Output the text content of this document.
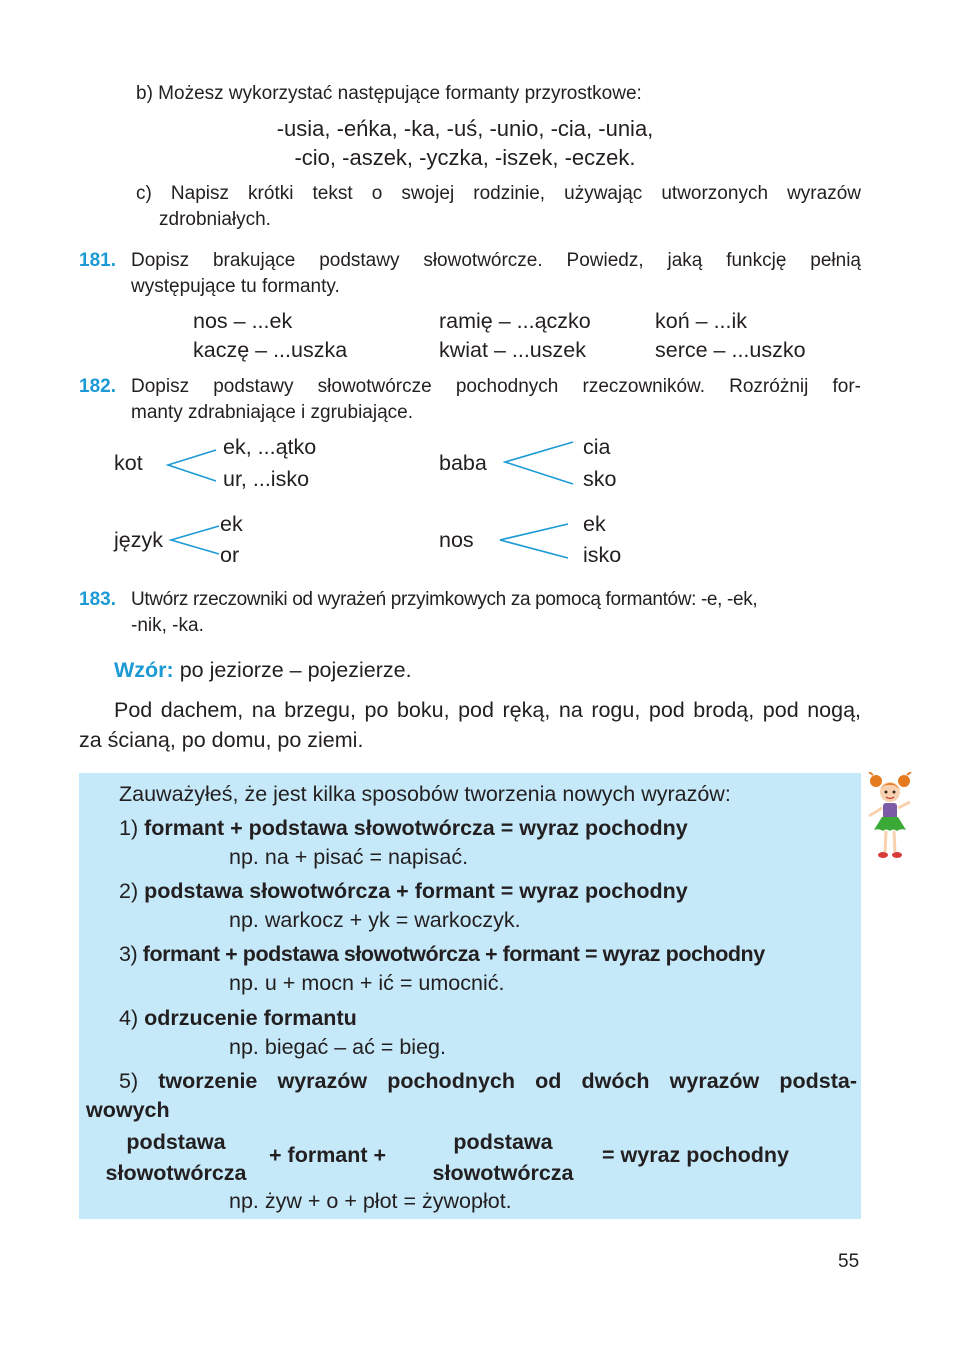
b) Możesz wykorzystać następujące formanty przyrostkowe:
-usia, -eńka, -ka, -uś, -unio, -cia, -unia,
-cio, -aszek, -yczka, -iszek, -eczek.
c) Napisz krótki tekst o swojej rodzinie, używając utworzonych wyrazów
zdrobniałych.
181. Dopisz brakujące podstawy słowotwórcze. Powiedz, jaką funkcję pełnią
występujące tu formanty.
nos – ...ek	ramię – ...ączko	koń – ...ik
kaczę – ...uszka	kwiat – ...uszek	serce – ...uszko
182. Dopisz podstawy słowotwórcze pochodnych rzeczowników. Rozróżnij for-
manty zdrabniające i zgrubiające.
kot
ek, ...ątko
ur, ...isko
baba
cia
sko
język
ek
or
nos
ek
isko
183. Utwórz rzeczowniki od wyrażeń przyimkowych za pomocą formantów: -e, -ek,
-nik, -ka.
Wzór: po jeziorze – pojezierze.
Pod dachem, na brzegu, po boku, pod ręką, na rogu, pod brodą, pod nogą,
za ścianą, po domu, po ziemi.
Zauważyłeś, że jest kilka sposobów tworzenia nowych wyrazów:
1) formant + podstawa słowotwórcza = wyraz pochodny
np. na + pisać = napisać.
2) podstawa słowotwórcza + formant = wyraz pochodny
np. warkocz + yk = warkoczyk.
3) formant + podstawa słowotwórcza + formant = wyraz pochodny
np. u + mocn + ić = umocnić.
4) odrzucenie formantu
np. biegać – ać = bieg.
5) tworzenie wyrazów pochodnych od dwóch wyrazów podsta-
wowych
podstawa
słowotwórcza
+ formant +
podstawa
słowotwórcza
= wyraz pochodny
np. żyw + o + płot = żywopłot.
55
